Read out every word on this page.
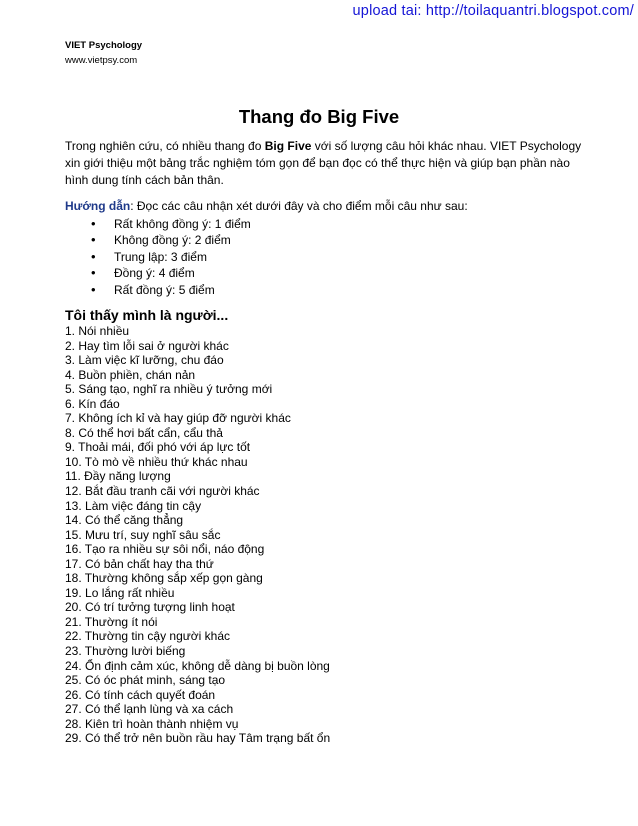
upload tai: http://toilaquantri.blogspot.com/
VIET Psychology
www.vietpsy.com
Thang đo Big Five

Trong nghiên cứu, có nhiều thang đo Big Five với số lượng câu hỏi khác nhau. VIET Psychology xin giới thiệu một bảng trắc nghiệm tóm gọn để bạn đọc có thể thực hiện và giúp bạn phần nào hình dung tính cách bản thân.

Hướng dẫn: Đọc các câu nhận xét dưới đây và cho điểm mỗi câu như sau:

• Rất không đồng ý: 1 điểm
• Không đồng ý: 2 điểm
• Trung lập: 3 điểm
• Đồng ý: 4 điểm
• Rất đồng ý: 5 điểm
Tôi thấy mình là người...
1. Nói nhiều
2. Hay tìm lỗi sai ở người khác
3. Làm việc kĩ lưỡng, chu đáo
4. Buồn phiền, chán nản
5. Sáng tạo, nghĩ ra nhiều ý tưởng mới
6. Kín đáo
7. Không ích kỉ và hay giúp đỡ người khác
8. Có thể hơi bất cẩn, cẩu thả
9. Thoải mái, đối phó với áp lực tốt
10. Tò mò về nhiều thứ khác nhau
11. Đầy năng lượng
12. Bắt đầu tranh cãi với người khác
13. Làm việc đáng tin cậy
14. Có thể căng thẳng
15. Mưu trí, suy nghĩ sâu sắc
16. Tạo ra nhiều sự sôi nổi, náo động
17. Có bản chất hay tha thứ
18. Thường không sắp xếp gọn gàng
19. Lo lắng rất nhiều
20. Có trí tưởng tượng linh hoạt
21. Thường ít nói
22. Thường tin cậy người khác
23. Thường lười biếng
24. Ổn định cảm xúc, không dễ dàng bị buồn lòng
25. Có óc phát minh, sáng tạo
26. Có tính cách quyết đoán
27. Có thể lạnh lùng và xa cách
28. Kiên trì hoàn thành nhiệm vụ
29. Có thể trở nên buồn rầu hay Tâm trạng bất ổn
